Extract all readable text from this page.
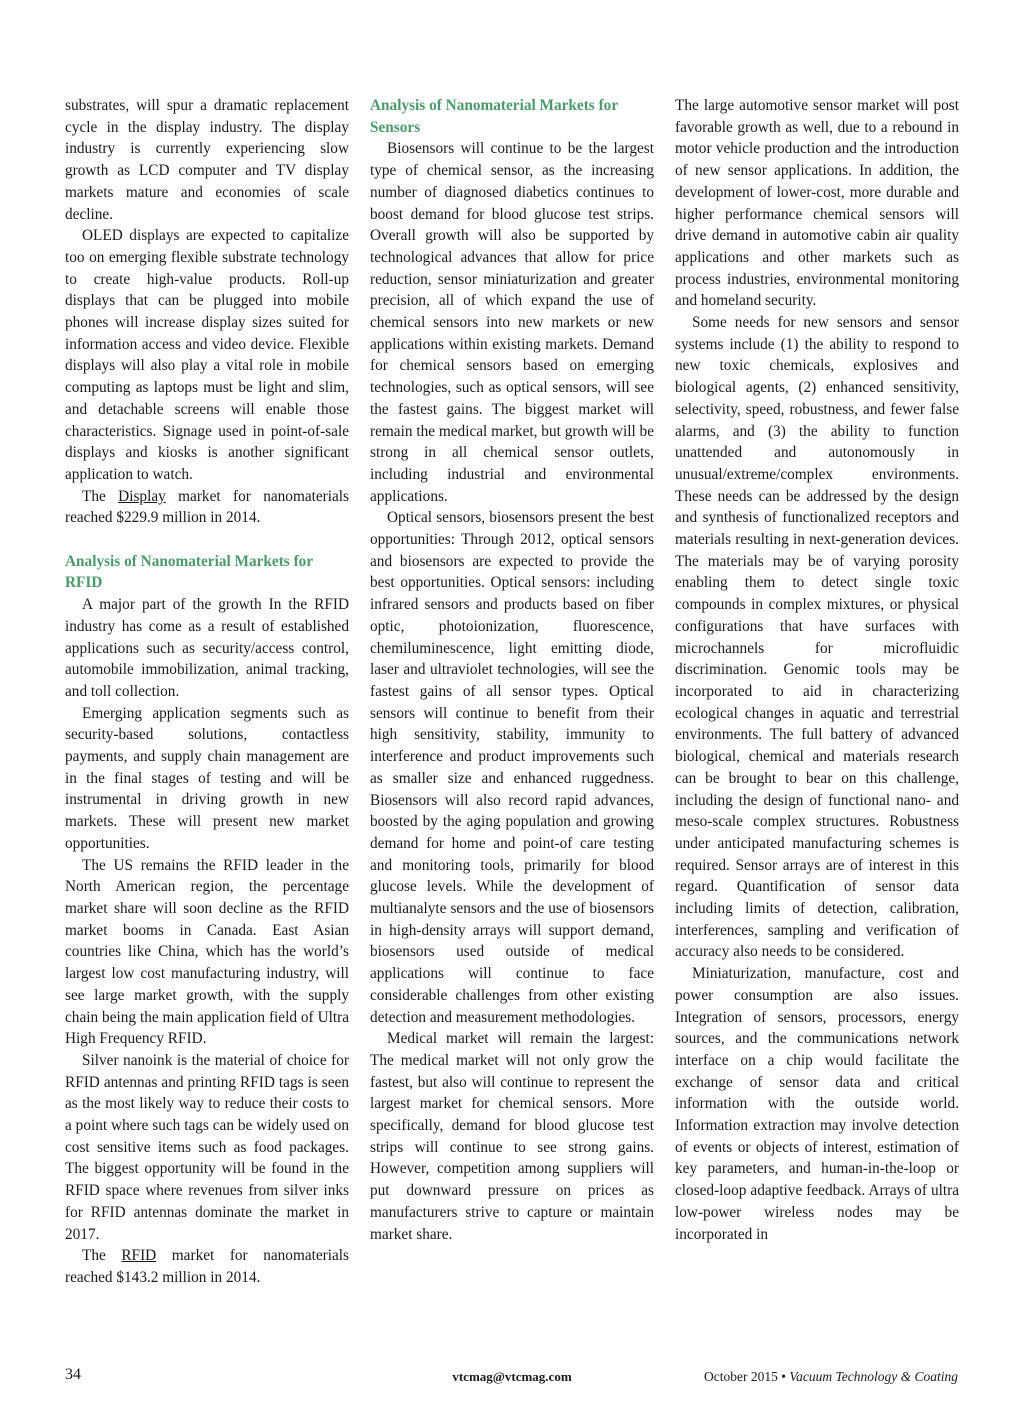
substrates, will spur a dramatic replacement cycle in the display industry. The display industry is currently experiencing slow growth as LCD computer and TV display markets mature and economies of scale decline.

OLED displays are expected to capitalize too on emerging flexible substrate technology to create high-value products. Roll-up displays that can be plugged into mobile phones will increase display sizes suited for information access and video device. Flexible displays will also play a vital role in mobile computing as laptops must be light and slim, and detachable screens will enable those characteristics. Signage used in point-of-sale displays and kiosks is another significant application to watch.

The Display market for nanomaterials reached $229.9 million in 2014.

Analysis of Nanomaterial Markets for RFID

A major part of the growth In the RFID industry has come as a result of established applications such as security/access control, automobile immobilization, animal tracking, and toll collection.

Emerging application segments such as security-based solutions, contactless payments, and supply chain management are in the final stages of testing and will be instrumental in driving growth in new markets. These will present new market opportunities.

The US remains the RFID leader in the North American region, the percentage market share will soon decline as the RFID market booms in Canada. East Asian countries like China, which has the world’s largest low cost manufacturing industry, will see large market growth, with the supply chain being the main application field of Ultra High Frequency RFID.

Silver nanoink is the material of choice for RFID antennas and printing RFID tags is seen as the most likely way to reduce their costs to a point where such tags can be widely used on cost sensitive items such as food packages. The biggest opportunity will be found in the RFID space where revenues from silver inks for RFID antennas dominate the market in 2017.

The RFID market for nanomaterials reached $143.2 million in 2014.

Analysis of Nanomaterial Markets for Sensors

Biosensors will continue to be the largest type of chemical sensor, as the increasing number of diagnosed diabetics continues to boost demand for blood glucose test strips. Overall growth will also be supported by technological advances that allow for price reduction, sensor miniaturization and greater precision, all of which expand the use of chemical sensors into new markets or new applications within existing markets. Demand for chemical sensors based on emerging technologies, such as optical sensors, will see the fastest gains. The biggest market will remain the medical market, but growth will be strong in all chemical sensor outlets, including industrial and environmental applications.

Optical sensors, biosensors present the best opportunities: Through 2012, optical sensors and biosensors are expected to provide the best opportunities. Optical sensors: including infrared sensors and products based on fiber optic, photoionization, fluorescence, chemiluminescence, light emitting diode, laser and ultraviolet technologies, will see the fastest gains of all sensor types. Optical sensors will continue to benefit from their high sensitivity, stability, immunity to interference and product improvements such as smaller size and enhanced ruggedness. Biosensors will also record rapid advances, boosted by the aging population and growing demand for home and point-of care testing and monitoring tools, primarily for blood glucose levels. While the development of multianalyte sensors and the use of biosensors in high-density arrays will support demand, biosensors used outside of medical applications will continue to face considerable challenges from other existing detection and measurement methodologies.

Medical market will remain the largest: The medical market will not only grow the fastest, but also will continue to represent the largest market for chemical sensors. More specifically, demand for blood glucose test strips will continue to see strong gains. However, competition among suppliers will put downward pressure on prices as manufacturers strive to capture or maintain market share.

The large automotive sensor market will post favorable growth as well, due to a rebound in motor vehicle production and the introduction of new sensor applications. In addition, the development of lower-cost, more durable and higher performance chemical sensors will drive demand in automotive cabin air quality applications and other markets such as process industries, environmental monitoring and homeland security.

Some needs for new sensors and sensor systems include (1) the ability to respond to new toxic chemicals, explosives and biological agents, (2) enhanced sensitivity, selectivity, speed, robustness, and fewer false alarms, and (3) the ability to function unattended and autonomously in unusual/extreme/complex environments. These needs can be addressed by the design and synthesis of functionalized receptors and materials resulting in next-generation devices. The materials may be of varying porosity enabling them to detect single toxic compounds in complex mixtures, or physical configurations that have surfaces with microchannels for microfluidic discrimination. Genomic tools may be incorporated to aid in characterizing ecological changes in aquatic and terrestrial environments. The full battery of advanced biological, chemical and materials research can be brought to bear on this challenge, including the design of functional nano- and meso-scale complex structures. Robustness under anticipated manufacturing schemes is required. Sensor arrays are of interest in this regard. Quantification of sensor data including limits of detection, calibration, interferences, sampling and verification of accuracy also needs to be considered.

Miniaturization, manufacture, cost and power consumption are also issues. Integration of sensors, processors, energy sources, and the communications network interface on a chip would facilitate the exchange of sensor data and critical information with the outside world. Information extraction may involve detection of events or objects of interest, estimation of key parameters, and human-in-the-loop or closed-loop adaptive feedback. Arrays of ultra low-power wireless nodes may be incorporated in

34	vtcmag@vtcmag.com	October 2015 • Vacuum Technology & Coating
